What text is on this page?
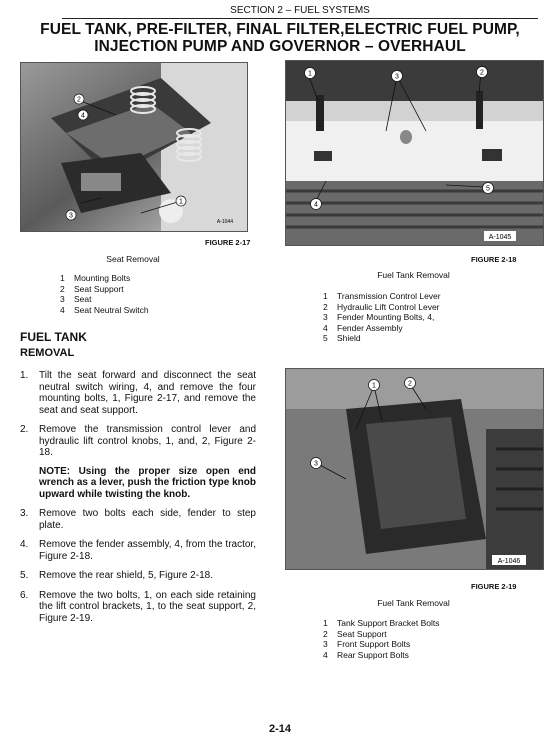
SECTION 2 – FUEL SYSTEMS
FUEL TANK, PRE-FILTER, FINAL FILTER,ELECTRIC FUEL PUMP,
INJECTION PUMP AND GOVERNOR – OVERHAUL
2
4
3
1
A-1044
FIGURE 2-17
Seat Removal
1	Mounting Bolts
2	Seat Support
3	Seat
4	Seat Neutral Switch
1	3
2
4
5
A-1045
FIGURE 2-18
Fuel Tank Removal
1	Transmission Control Lever
2	Hydraulic Lift Control Lever
3	Fender Mounting Bolts, 4,
4	Fender Assembly
5	Shield
1	2
3
A-1046
FIGURE 2-19
Fuel Tank Removal
1	Tank Support Bracket Bolts
2	Seat Support
3	Front Support Bolts
4	Rear Support Bolts
FUEL TANK
REMOVAL
1.	Tilt the seat forward and disconnect the seat neutral switch wiring, 4, and remove the four mounting bolts, 1, Figure 2-17, and remove the seat and seat support.
2.	Remove the transmission control lever and hydraulic lift control knobs, 1, and, 2, Figure 2-18.
NOTE: Using the proper size open end wrench as a lever, push the friction type knob upward while twisting the knob.
3.	Remove two bolts each side, fender to step plate.
4.	Remove the fender assembly, 4, from the tractor, Figure 2-18.
5.	Remove the rear shield, 5, Figure 2-18.
6.	Remove the two bolts, 1, on each side retaining the lift control brackets, 1, to the seat support, 2, Figure 2-19.
2-14
